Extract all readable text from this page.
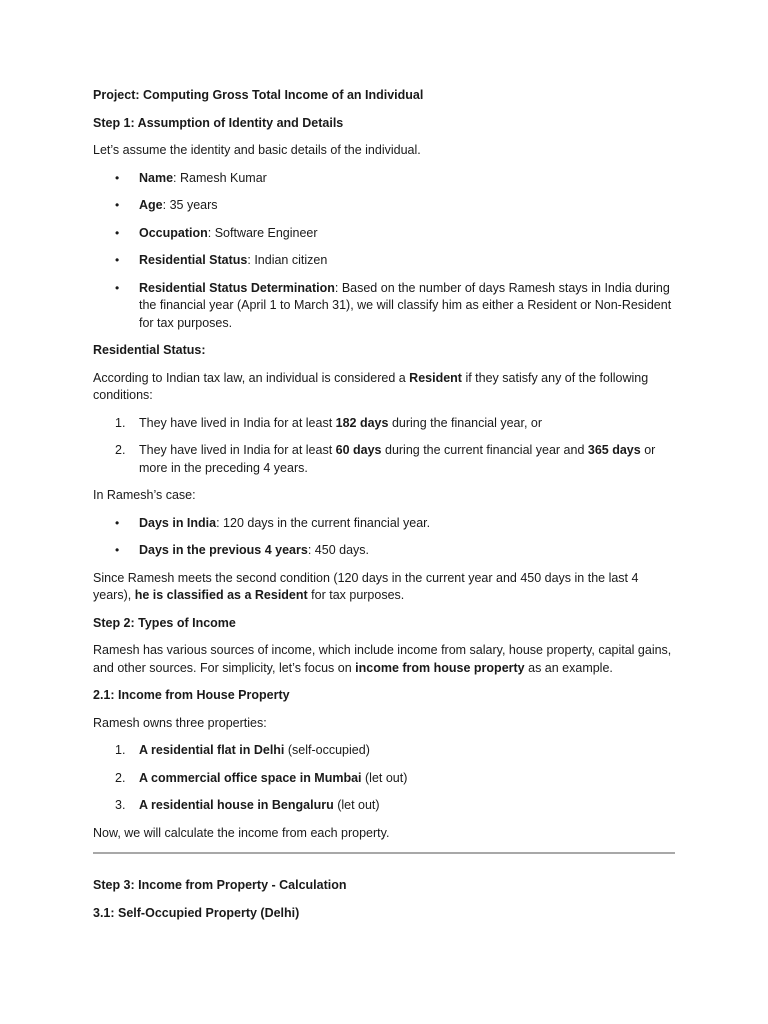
Project: Computing Gross Total Income of an Individual

Step 1: Assumption of Identity and Details

Let’s assume the identity and basic details of the individual.

• Name: Ramesh Kumar
• Age: 35 years
• Occupation: Software Engineer
• Residential Status: Indian citizen
• Residential Status Determination: Based on the number of days Ramesh stays in India during the financial year (April 1 to March 31), we will classify him as either a Resident or Non-Resident for tax purposes.

Residential Status:

According to Indian tax law, an individual is considered a Resident if they satisfy any of the following conditions:

1. They have lived in India for at least 182 days during the financial year, or
2. They have lived in India for at least 60 days during the current financial year and 365 days or more in the preceding 4 years.

In Ramesh’s case:

• Days in India: 120 days in the current financial year.
• Days in the previous 4 years: 450 days.

Since Ramesh meets the second condition (120 days in the current year and 450 days in the last 4 years), he is classified as a Resident for tax purposes.

Step 2: Types of Income

Ramesh has various sources of income, which include income from salary, house property, capital gains, and other sources. For simplicity, let’s focus on income from house property as an example.

2.1: Income from House Property

Ramesh owns three properties:

1. A residential flat in Delhi (self-occupied)
2. A commercial office space in Mumbai (let out)
3. A residential house in Bengaluru (let out)

Now, we will calculate the income from each property.

Step 3: Income from Property - Calculation

3.1: Self-Occupied Property (Delhi)
